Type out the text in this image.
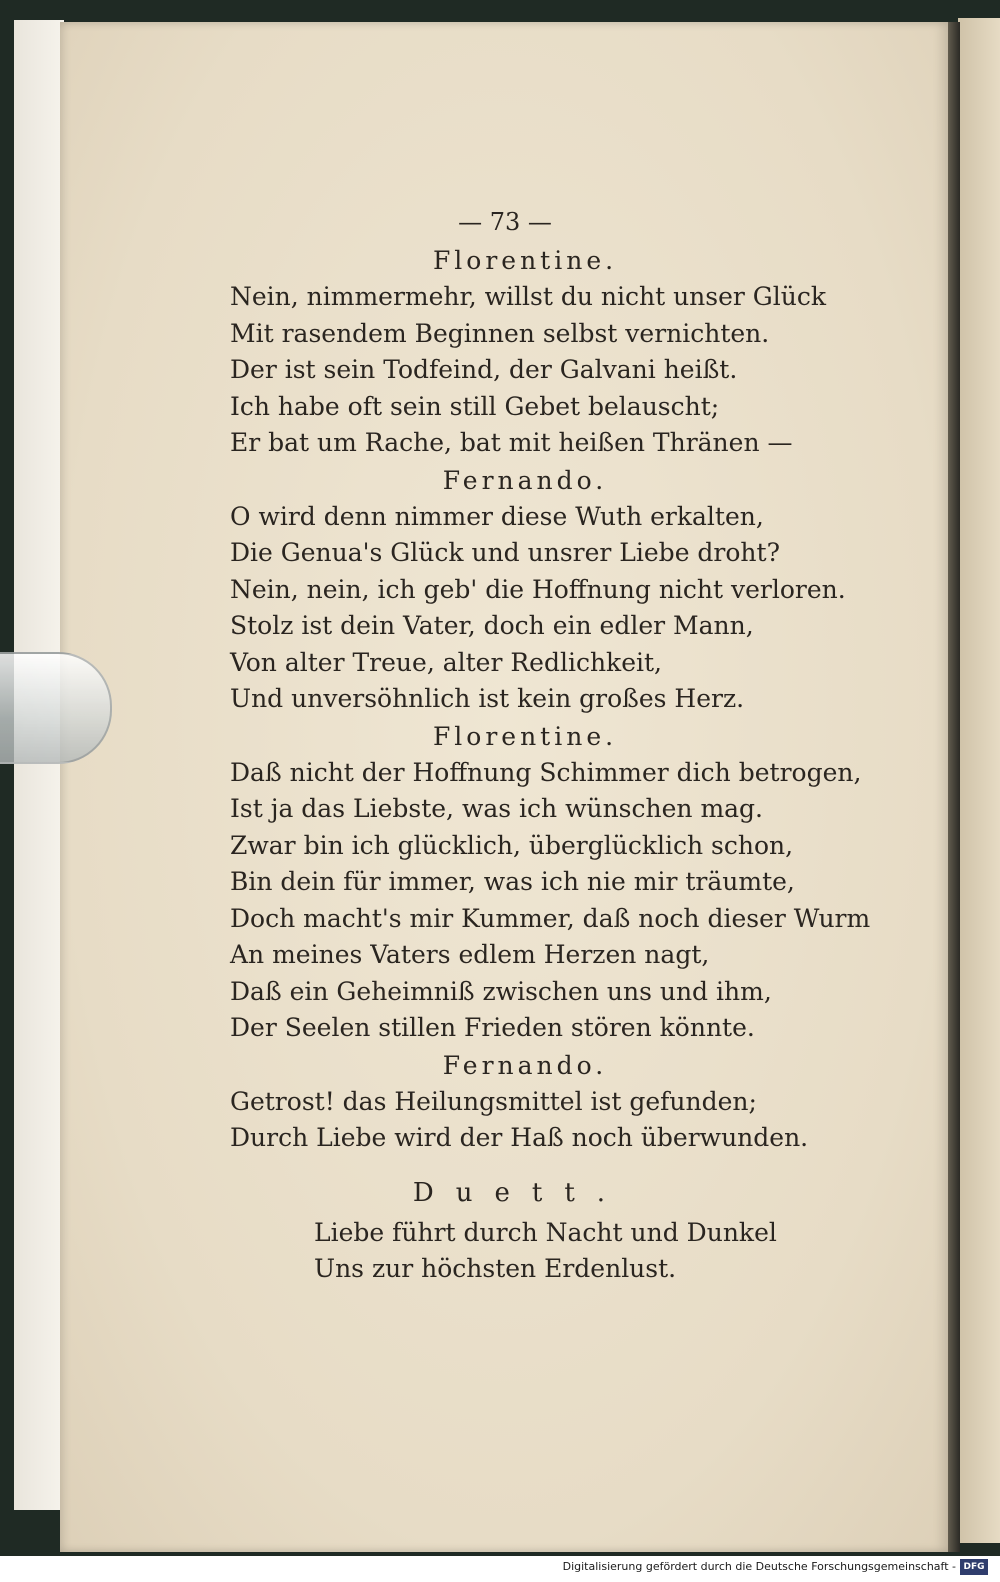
— 73 —
Florentine.
Nein, nimmermehr, willst du nicht unser Glück
Mit rasendem Beginnen selbst vernichten.
Der ist sein Todfeind, der Galvani heißt.
Ich habe oft sein still Gebet belauscht;
Er bat um Rache, bat mit heißen Thränen —
Fernando.
O wird denn nimmer diese Wuth erkalten,
Die Genua's Glück und unsrer Liebe droht?
Nein, nein, ich geb' die Hoffnung nicht verloren.
Stolz ist dein Vater, doch ein edler Mann,
Von alter Treue, alter Redlichkeit,
Und unversöhnlich ist kein großes Herz.
Florentine.
Daß nicht der Hoffnung Schimmer dich betrogen,
Ist ja das Liebste, was ich wünschen mag.
Zwar bin ich glücklich, überglücklich schon,
Bin dein für immer, was ich nie mir träumte,
Doch macht's mir Kummer, daß noch dieser Wurm
An meines Vaters edlem Herzen nagt,
Daß ein Geheimniß zwischen uns und ihm,
Der Seelen stillen Frieden stören könnte.
Fernando.
Getrost! das Heilungsmittel ist gefunden;
Durch Liebe wird der Haß noch überwunden.
Duett.
Liebe führt durch Nacht und Dunkel
Uns zur höchsten Erdenlust.
Digitalisierung gefördert durch die Deutsche Forschungsgemeinschaft - DFG
